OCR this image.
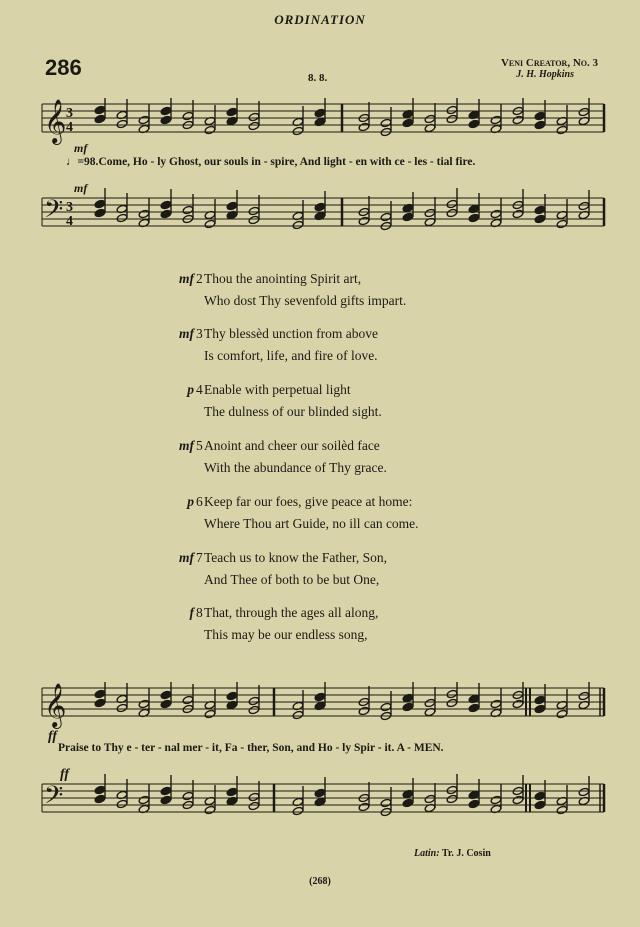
ORDINATION
286	8. 8.
Veni Creator, No. 3
J. H. Hopkins
𝄞 3
4
mf
♩=98.Come, Ho - ly Ghost, our souls in - spire, And light - en with ce - les - tial fire.
𝄢 3
4
mf
mf 2 Thou the anointing Spirit art,
Who dost Thy sevenfold gifts impart.
mf 3 Thy blessèd unction from above
Is comfort, life, and fire of love.
p 4 Enable with perpetual light
The dulness of our blinded sight.
mf 5 Anoint and cheer our soilèd face
With the abundance of Thy grace.
p 6 Keep far our foes, give peace at home:
Where Thou art Guide, no ill can come.
mf 7 Teach us to know the Father, Son,
And Thee of both to be but One,
f 8 That, through the ages all along,
This may be our endless song,
𝄞
ff
Praise to Thy e - ter - nal mer - it, Fa - ther, Son, and Ho - ly Spir - it. A - MEN.
𝄢
ff
Latin: Tr. J. Cosin
(268)
